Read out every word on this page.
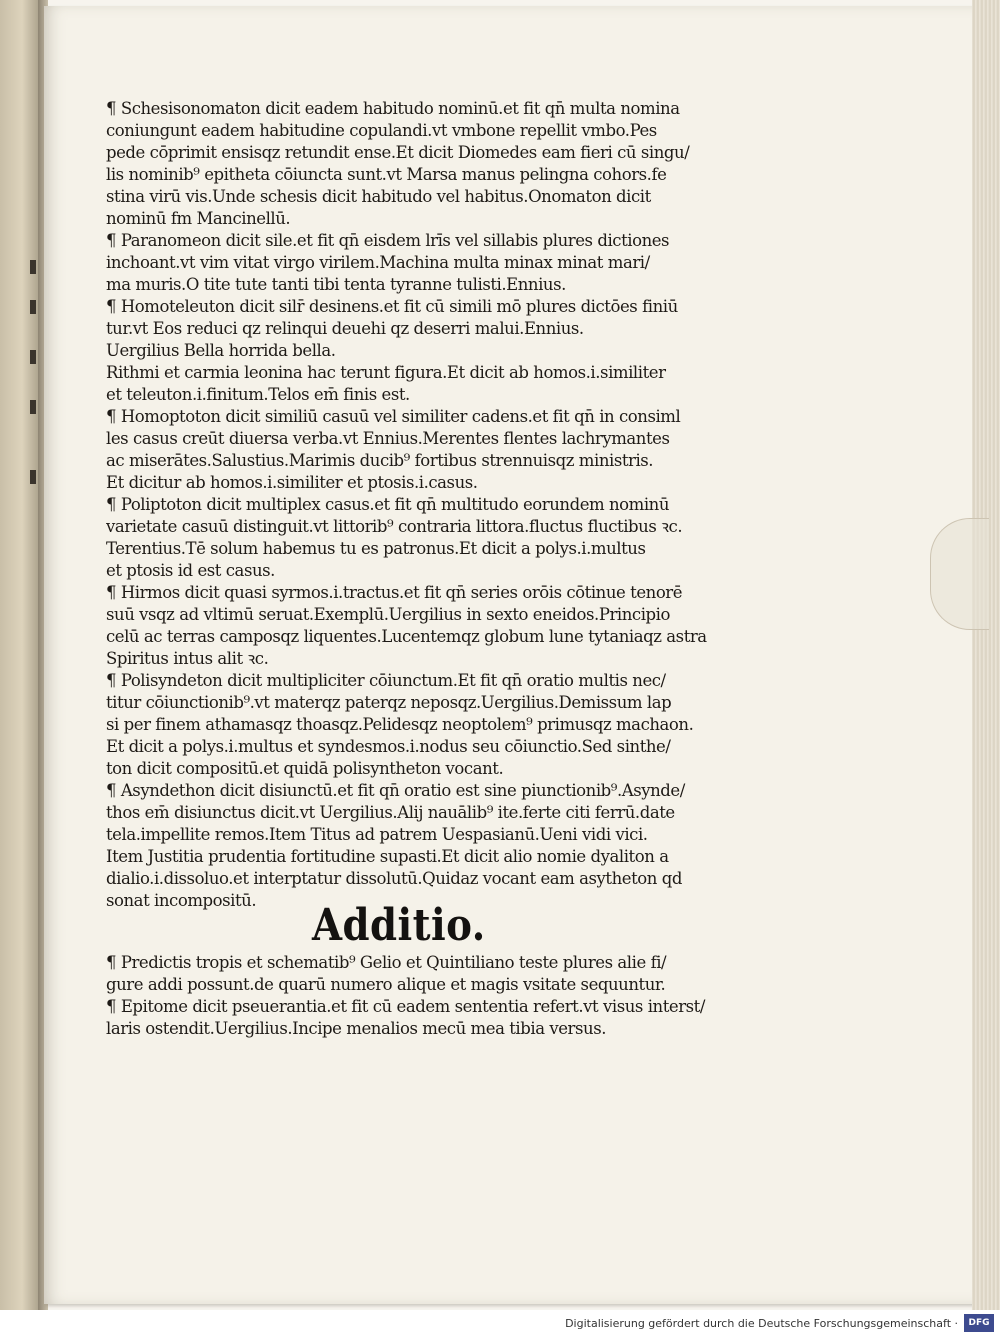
¶ Schesisonomaton dicit eadem habitudo nominū.et fit qn̄ multa nomina
coniungunt eadem habitudine copulandi.vt vmbone repellit vmbo.Pes
pede cōprimit ensisqz retundit ense.Et dicit Diomedes eam fieri cū singu/
lis nominib⁹ epitheta cōiuncta sunt.vt Marsa manus pelingna cohors.fe
stina virū vis.Unde schesis dicit habitudo vel habitus.Onomaton dicit
nominū fm Mancinellū.
¶ Paranomeon dicit sile.et fit qn̄ eisdem lrīs vel sillabis plures dictiones
inchoant.vt vim vitat virgo virilem.Machina multa minax minat mari/
ma muris.O tite tute tanti tibi tenta tyranne tulisti.Ennius.
¶ Homoteleuton dicit silr̄ desinens.et fit cū simili mō plures dictōes finiū
tur.vt Eos reduci qz relinqui deuehi qz deserri malui.Ennius.
Uergilius Bella horrida bella.
Rithmi et carmia leonina hac terunt figura.Et dicit ab homos.i.similiter
et teleuton.i.finitum.Telos em̄ finis est.
¶ Homoptoton dicit similiū casuū vel similiter cadens.et fit qn̄ in consiml
les casus creūt diuersa verba.vt Ennius.Merentes flentes lachrymantes
ac miserātes.Salustius.Marimis ducib⁹ fortibus strennuisqz ministris.
Et dicitur ab homos.i.similiter et ptosis.i.casus.
¶ Poliptoton dicit multiplex casus.et fit qn̄ multitudo eorundem nominū
varietate casuū distinguit.vt littorib⁹ contraria littora.fluctus fluctibus ꝛc.
Terentius.Tē solum habemus tu es patronus.Et dicit a polys.i.multus
et ptosis id est casus.
¶ Hirmos dicit quasi syrmos.i.tractus.et fit qn̄ series orōis cōtinue tenorē
suū vsqz ad vltimū seruat.Exemplū.Uergilius in sexto eneidos.Principio
celū ac terras camposqz liquentes.Lucentemqz globum lune tytaniaqz astra
Spiritus intus alit ꝛc.
¶ Polisyndeton dicit multipliciter cōiunctum.Et fit qn̄ oratio multis nec/
titur cōiunctionib⁹.vt materqz paterqz neposqz.Uergilius.Demissum lap
si per finem athamasqz thoasqz.Pelidesqz neoptolem⁹ primusqz machaon.
Et dicit a polys.i.multus et syndesmos.i.nodus seu cōiunctio.Sed sinthe/
ton dicit compositū.et quidā polisyntheton vocant.
¶ Asyndethon dicit disiunctū.et fit qn̄ oratio est sine piunctionib⁹.Asynde/
thos em̄ disiunctus dicit.vt Uergilius.Alij nauālib⁹ ite.ferte citi ferrū.date
tela.impellite remos.Item Titus ad patrem Uespasianū.Ueni vidi vici.
Item Justitia prudentia fortitudine supasti.Et dicit alio nomie dyaliton a
dialio.i.dissoluo.et interptatur dissolutū.Quidaz vocant eam asytheton qd
sonat incompositū.	Additio.
¶ Predictis tropis et schematib⁹ Gelio et Quintiliano teste plures alie fi/
gure addi possunt.de quarū numero alique et magis vsitate sequuntur.
¶ Epitome dicit pseuerantia.et fit cū eadem sententia refert.vt visus interst/
laris ostendit.Uergilius.Incipe menalios mecū mea tibia versus.
Digitalisierung gefördert durch die Deutsche Forschungsgemeinschaft ·	DFG
